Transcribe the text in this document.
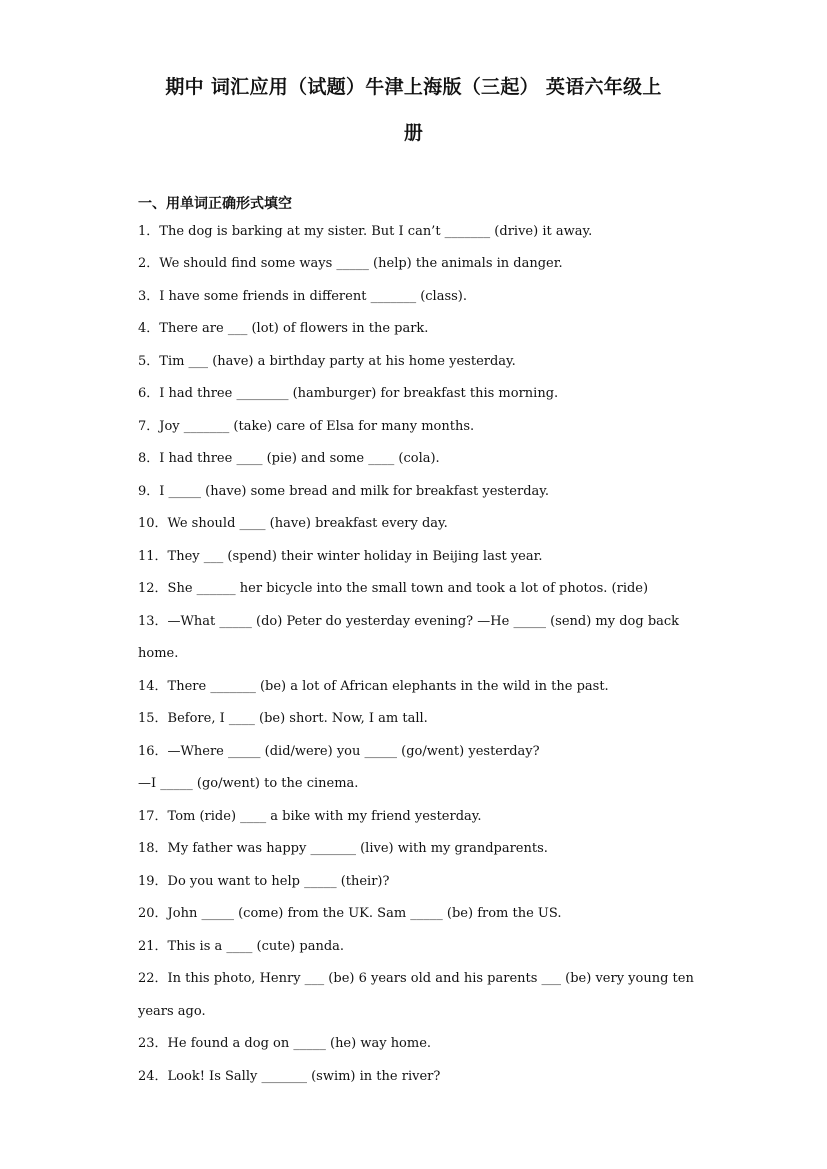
期中 词汇应用（试题）牛津上海版（三起） 英语六年级上
册
一、用单词正确形式填空
1．The dog is barking at my sister. But I can’t _______ (drive) it away.
2．We should find some ways _____ (help) the animals in danger.
3．I have some friends in different _______ (class).
4．There are ___ (lot) of flowers in the park.
5．Tim ___ (have) a birthday party at his home yesterday.
6．I had three ________ (hamburger) for breakfast this morning.
7．Joy _______ (take) care of Elsa for many months.
8．I had three ____ (pie) and some ____ (cola).
9．I _____ (have) some bread and milk for breakfast yesterday.
10．We should ____ (have) breakfast every day.
11．They ___ (spend) their winter holiday in Beijing last year.
12．She ______ her bicycle into the small town and took a lot of photos. (ride)
13．—What _____ (do) Peter do yesterday evening? —He _____ (send) my dog back
home.
14．There _______ (be) a lot of African elephants in the wild in the past.
15．Before, I ____ (be) short. Now, I am tall.
16．—Where _____ (did/were) you _____ (go/went) yesterday?
—I _____ (go/went) to the cinema.
17．Tom (ride) ____ a bike with my friend yesterday.
18．My father was happy _______ (live) with my grandparents.
19．Do you want to help _____ (their)?
20．John _____ (come) from the UK. Sam _____ (be) from the US.
21．This is a ____ (cute) panda.
22．In this photo, Henry ___ (be) 6 years old and his parents ___ (be) very young ten
years ago.
23．He found a dog on _____ (he) way home.
24．Look! Is Sally _______ (swim) in the river?
